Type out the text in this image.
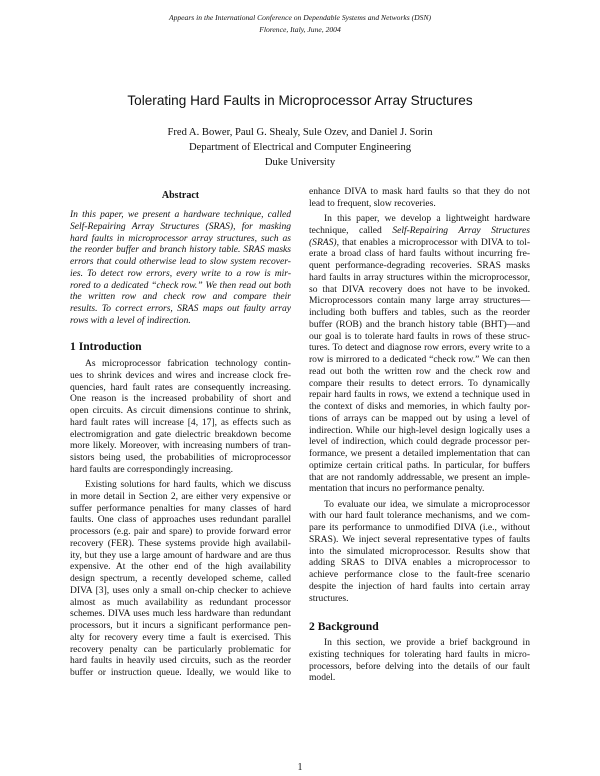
Appears in the International Conference on Dependable Systems and Networks (DSN)
Florence, Italy, June, 2004
Tolerating Hard Faults in Microprocessor Array Structures
Fred A. Bower, Paul G. Shealy, Sule Ozev, and Daniel J. Sorin
Department of Electrical and Computer Engineering
Duke University
Abstract
In this paper, we present a hardware technique, called
Self-Repairing Array Structures (SRAS), for masking
hard faults in microprocessor array structures, such as
the reorder buffer and branch history table. SRAS masks
errors that could otherwise lead to slow system recover-
ies. To detect row errors, every write to a row is mir-
rored to a dedicated “check row.” We then read out both
the written row and check row and compare their
results. To correct errors, SRAS maps out faulty array
rows with a level of indirection.
1 Introduction
As microprocessor fabrication technology contin-
ues to shrink devices and wires and increase clock fre-
quencies, hard fault rates are consequently increasing.
One reason is the increased probability of short and
open circuits. As circuit dimensions continue to shrink,
hard fault rates will increase [4, 17], as effects such as
electromigration and gate dielectric breakdown become
more likely. Moreover, with increasing numbers of tran-
sistors being used, the probabilities of microprocessor
hard faults are correspondingly increasing.
Existing solutions for hard faults, which we discuss
in more detail in Section 2, are either very expensive or
suffer performance penalties for many classes of hard
faults. One class of approaches uses redundant parallel
processors (e.g. pair and spare) to provide forward error
recovery (FER). These systems provide high availabil-
ity, but they use a large amount of hardware and are thus
expensive. At the other end of the high availability
design spectrum, a recently developed scheme, called
DIVA [3], uses only a small on-chip checker to achieve
almost as much availability as redundant processor
schemes. DIVA uses much less hardware than redundant
processors, but it incurs a significant performance pen-
alty for recovery every time a fault is exercised. This
recovery penalty can be particularly problematic for
hard faults in heavily used circuits, such as the reorder
buffer or instruction queue. Ideally, we would like to
enhance DIVA to mask hard faults so that they do not
lead to frequent, slow recoveries.
In this paper, we develop a lightweight hardware
technique, called Self-Repairing Array Structures
(SRAS), that enables a microprocessor with DIVA to tol-
erate a broad class of hard faults without incurring fre-
quent performance-degrading recoveries. SRAS masks
hard faults in array structures within the microprocessor,
so that DIVA recovery does not have to be invoked.
Microprocessors contain many large array structures—
including both buffers and tables, such as the reorder
buffer (ROB) and the branch history table (BHT)—and
our goal is to tolerate hard faults in rows of these struc-
tures. To detect and diagnose row errors, every write to a
row is mirrored to a dedicated “check row.” We can then
read out both the written row and the check row and
compare their results to detect errors. To dynamically
repair hard faults in rows, we extend a technique used in
the context of disks and memories, in which faulty por-
tions of arrays can be mapped out by using a level of
indirection. While our high-level design logically uses a
level of indirection, which could degrade processor per-
formance, we present a detailed implementation that can
optimize certain critical paths. In particular, for buffers
that are not randomly addressable, we present an imple-
mentation that incurs no performance penalty.
To evaluate our idea, we simulate a microprocessor
with our hard fault tolerance mechanisms, and we com-
pare its performance to unmodified DIVA (i.e., without
SRAS). We inject several representative types of faults
into the simulated microprocessor. Results show that
adding SRAS to DIVA enables a microprocessor to
achieve performance close to the fault-free scenario
despite the injection of hard faults into certain array
structures.
2 Background
In this section, we provide a brief background in
existing techniques for tolerating hard faults in micro-
processors, before delving into the details of our fault
model.
1
